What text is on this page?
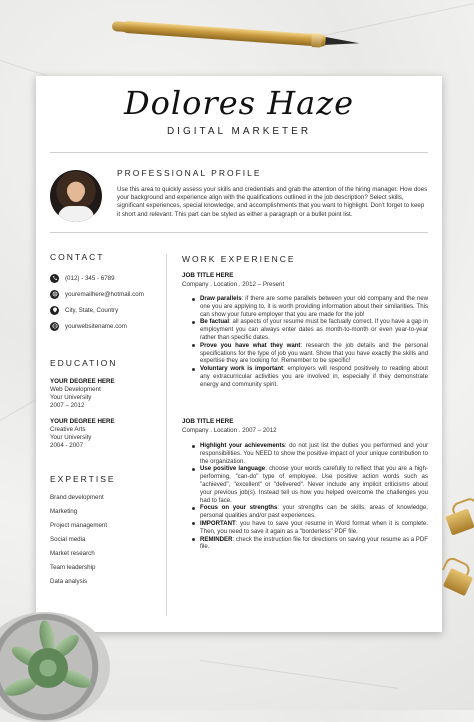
Dolores Haze
DIGITAL MARKETER
PROFESSIONAL PROFILE
Use this area to quickly assess your skills and credentials and grab the attention of the hiring manager. How does your background and experience align with the qualifications outlined in the job description? Select skills, significant experiences, special knowledge, and accomplishments that you want to highlight. Don't forget to keep it short and relevant. This part can be styled as either a paragraph or a bullet point list.
CONTACT
(012) - 345 - 6789
youremailhere@hotmail.com
City, State, Country
yourwebsitename.com
EDUCATION
YOUR DEGREE HERE
Web Development
Your University
2007 – 2012
YOUR DEGREE HERE
Creative Arts
Your University
2004 - 2007
EXPERTISE
Brand development
Marketing
Project management
Social media
Market research
Team leadership
Data analysis
WORK EXPERIENCE
JOB TITLE HERE
Company . Location . 2012 – Present
Draw parallels: if there are some parallels between your old company and the new one you are applying to, it is worth providing information about their similarities. This can show your future employer that you are made for the job!
Be factual: all aspects of your resume must be factually correct. If you have a gap in employment you can always enter dates as month-to-month or even year-to-year rather than specific dates.
Prove you have what they want: research the job details and the personal specifications for the type of job you want. Show that you have exactly the skills and expertise they are looking for. Remember to be specific!
Voluntary work is important: employers will respond positively to reading about any extracurricular activities you are involved in, especially if they demonstrate energy and community spirit.
JOB TITLE HERE
Company . Location . 2007 – 2012
Highlight your achievements: do not just list the duties you performed and your responsibilities. You NEED to show the positive impact of your unique contribution to the organization.
Use positive language: choose your words carefully to reflect that you are a high-performing, "can-do" type of employee. Use positive action words such as "achieved", "excellent" or "delivered". Never include any implicit criticisms about your previous job(s). Instead tell us how you helped overcome the challenges you had to face.
Focus on your strengths: your strengths can be skills, areas of knowledge, personal qualities and/or past experiences.
IMPORTANT: you have to save your resume in Word format when it is complete. Then, you need to save it again as a "borderless" PDF file.
REMINDER: check the instruction file for directions on saving your resume as a PDF file.
